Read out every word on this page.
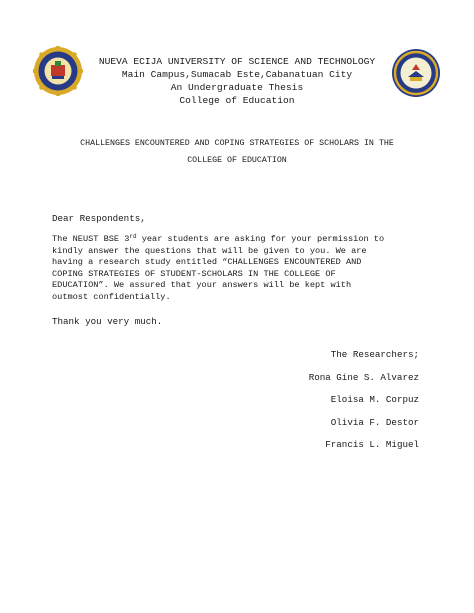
NUEVA ECIJA UNIVERSITY OF SCIENCE AND TECHNOLOGY
Main Campus,Sumacab Este,Cabanatuan City
An Undergraduate Thesis
College of Education
CHALLENGES ENCOUNTERED AND COPING STRATEGIES OF SCHOLARS IN THE
COLLEGE OF EDUCATION
Dear Respondents,
The NEUST BSE 3rd year students are asking for your permission to
kindly answer the questions that will be given to you. We are
having a research study entitled “CHALLENGES ENCOUNTERED AND
COPING STRATEGIES OF STUDENT-SCHOLARS IN THE COLLEGE OF
EDUCATION”. We assured that your answers will be kept with
outmost confidentially.
Thank you very much.
The Researchers;
Rona Gine S. Alvarez
Eloisa M. Corpuz
Olivia F. Destor
Francis L. Miguel
